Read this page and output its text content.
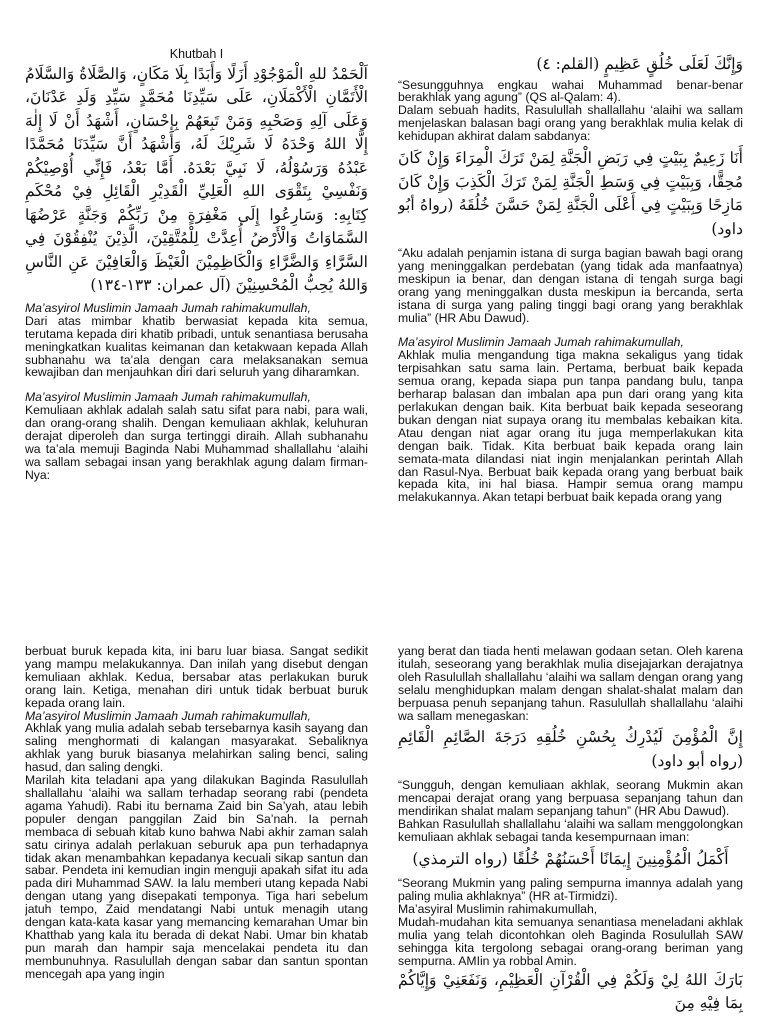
Khutbah I

اَلْحَمْدُ للهِ الْمَوْجُوْدِ أَزَلًا وَأَبَدًا بِلَا مَكَانٍ، وَالصَّلَاةُ وَالسَّلَامُ الْأَتَمَّانِ الْأَكْمَلَانِ، عَلَى سَيِّدِنَا مُحَمَّدٍ سَيِّدِ وَلَدِ عَدْنَانَ، وَعَلَى آلِهِ وَصَحْبِهِ وَمَنْ تَبِعَهُمْ بِإِحْسَانٍ، أَشْهَدُ أَنْ لَا إِلٰهَ إِلَّا اللهُ وَحْدَهُ لَا شَرِيْكَ لَهُ، وَأَشْهَدُ أَنَّ سَيِّدَنَا مُحَمَّدًا عَبْدُهُ وَرَسُوْلُهُ، لَا نَبِيَّ بَعْدَهُ. أَمَّا بَعْدُ، فَإِنِّي أُوْصِيْكُمْ وَنَفْسِيْ بِتَقْوَى اللهِ الْعَلِيِّ الْقَدِيْرِ الْقَائِلِ فِيْ مُحْكَمِ كِتَابِهِ: وَسَارِعُوا إِلَى مَغْفِرَةٍ مِنْ رَبِّكُمْ وَجَنَّةٍ عَرْضُهَا السَّمَاوَاتُ وَالْأَرْضُ أُعِدَّتْ لِلْمُتَّقِيْنَ، الَّذِيْنَ يُنْفِقُوْنَ فِي السَّرَّاءِ وَالضَّرَّاءِ وَالْكَاظِمِيْنَ الْغَيْظَ وَالْعَافِيْنَ عَنِ النَّاسِ وَاللهُ يُحِبُّ الْمُحْسِنِيْنَ (آل عمران: ١٣٣-١٣٤)

Ma’asyirol Muslimin Jamaah Jumah rahimakumullah,

Dari atas mimbar khatib berwasiat kepada kita semua, terutama kepada diri khatib pribadi, untuk senantiasa berusaha meningkatkan kualitas keimanan dan ketakwaan kepada Allah subhanahu wa ta’ala dengan cara melaksanakan semua kewajiban dan menjauhkan diri dari seluruh yang diharamkan.

Ma’asyirol Muslimin Jamaah Jumah rahimakumullah,

Kemuliaan akhlak adalah salah satu sifat para nabi, para wali, dan orang-orang shalih. Dengan kemuliaan akhlak, keluhuran derajat diperoleh dan surga tertinggi diraih. Allah subhanahu wa ta’ala memuji Baginda Nabi Muhammad shallallahu ‘alaihi wa sallam sebagai insan yang berakhlak agung dalam firman-Nya:

وَإِنَّكَ لَعَلَى خُلُقٍ عَظِيمٍ (القلم: ٤)

“Sesungguhnya engkau wahai Muhammad benar-benar berakhlak yang agung” (QS al-Qalam: 4).

Dalam sebuah hadits, Rasulullah shallallahu ‘alaihi wa sallam menjelaskan balasan bagi orang yang berakhlak mulia kelak di kehidupan akhirat dalam sabdanya:

أَنَا زَعِيمٌ بِبَيْتٍ فِي رَبَضِ الْجَنَّةِ لِمَنْ تَرَكَ الْمِرَاءَ وَإِنْ كَانَ مُحِقًّا، وَبِبَيْتٍ فِي وَسَطِ الْجَنَّةِ لِمَنْ تَرَكَ الْكَذِبَ وَإِنْ كَانَ مَازِحًا وَبِبَيْتٍ فِي أَعْلَى الْجَنَّةِ لِمَنْ حَسَّنَ خُلُقَهُ (رواهُ أبُو داود)

“Aku adalah penjamin istana di surga bagian bawah bagi orang yang meninggalkan perdebatan (yang tidak ada manfaatnya) meskipun ia benar, dan dengan istana di tengah surga bagi orang yang meninggalkan dusta meskipun ia bercanda, serta istana di surga yang paling tinggi bagi orang yang berakhlak mulia” (HR Abu Dawud).

Ma’asyirol Muslimin Jamaah Jumah rahimakumullah,

Akhlak mulia mengandung tiga makna sekaligus yang tidak terpisahkan satu sama lain. Pertama, berbuat baik kepada semua orang, kepada siapa pun tanpa pandang bulu, tanpa berharap balasan dan imbalan apa pun dari orang yang kita perlakukan dengan baik. Kita berbuat baik kepada seseorang bukan dengan niat supaya orang itu membalas kebaikan kita. Atau dengan niat agar orang itu juga memperlakukan kita dengan baik. Tidak. Kita berbuat baik kepada orang lain semata-mata dilandasi niat ingin menjalankan perintah Allah dan Rasul-Nya. Berbuat baik kepada orang yang berbuat baik kepada kita, ini hal biasa. Hampir semua orang mampu melakukannya. Akan tetapi berbuat baik kepada orang yang

berbuat buruk kepada kita, ini baru luar biasa. Sangat sedikit yang mampu melakukannya. Dan inilah yang disebut dengan kemuliaan akhlak. Kedua, bersabar atas perlakukan buruk orang lain. Ketiga, menahan diri untuk tidak berbuat buruk kepada orang lain.

Ma’asyirol Muslimin Jamaah Jumah rahimakumullah,

Akhlak yang mulia adalah sebab tersebarnya kasih sayang dan saling menghormati di kalangan masyarakat. Sebaliknya akhlak yang buruk biasanya melahirkan saling benci, saling hasud, dan saling dengki.

Marilah kita teladani apa yang dilakukan Baginda Rasulullah shallallahu ‘alaihi wa sallam terhadap seorang rabi (pendeta agama Yahudi). Rabi itu bernama Zaid bin Sa’yah, atau lebih populer dengan panggilan Zaid bin Sa’nah. Ia pernah membaca di sebuah kitab kuno bahwa Nabi akhir zaman salah satu cirinya adalah perlakuan seburuk apa pun terhadapnya tidak akan menambahkan kepadanya kecuali sikap santun dan sabar. Pendeta ini kemudian ingin menguji apakah sifat itu ada pada diri Muhammad SAW. Ia lalu memberi utang kepada Nabi dengan utang yang disepakati temponya. Tiga hari sebelum jatuh tempo, Zaid mendatangi Nabi untuk menagih utang dengan kata-kata kasar yang memancing kemarahan Umar bin Khatthab yang kala itu berada di dekat Nabi. Umar bin khatab pun marah dan hampir saja mencelakai pendeta itu dan membunuhnya. Rasulullah dengan sabar dan santun spontan mencegah apa yang ingin

yang berat dan tiada henti melawan godaan setan. Oleh karena itulah, seseorang yang berakhlak mulia disejajarkan derajatnya oleh Rasulullah shallallahu ‘alaihi wa sallam dengan orang yang selalu menghidupkan malam dengan shalat-shalat malam dan berpuasa penuh sepanjang tahun. Rasulullah shallallahu ‘alaihi wa sallam menegaskan:

إِنَّ الْمُؤْمِنَ لَيُدْرِكُ بِحُسْنِ خُلُقِهِ دَرَجَةَ الصَّائِمِ الْقَائِمِ (رواه أبو داود)

“Sungguh, dengan kemuliaan akhlak, seorang Mukmin akan mencapai derajat orang yang berpuasa sepanjang tahun dan mendirikan shalat malam sepanjang tahun” (HR Abu Dawud).

Bahkan Rasulullah shallallahu ‘alaihi wa sallam menggolongkan kemuliaan akhlak sebagai tanda kesempurnaan iman:

أَكْمَلُ الْمُؤْمِنِينَ إِيمَانًا أَحْسَنُهُمْ خُلُقًا (رواه الترمذي)

“Seorang Mukmin yang paling sempurna imannya adalah yang paling mulia akhlaknya” (HR at-Tirmidzi).

Ma’asyiral Muslimin rahimakumullah,

Mudah-mudahan kita semuanya senantiasa meneladani akhlak mulia yang telah dicontohkan oleh Baginda Rosulullah SAW sehingga kita tergolong sebagai orang-orang beriman yang sempurna. AMIin ya robbal Amin.

بَارَكَ اللهُ لِيْ وَلَكُمْ فِي الْقُرْآنِ الْعَظِيْمِ، وَنَفَعَنِيْ وَإِيَّاكُمْ بِمَا فِيْهِ مِنَ
